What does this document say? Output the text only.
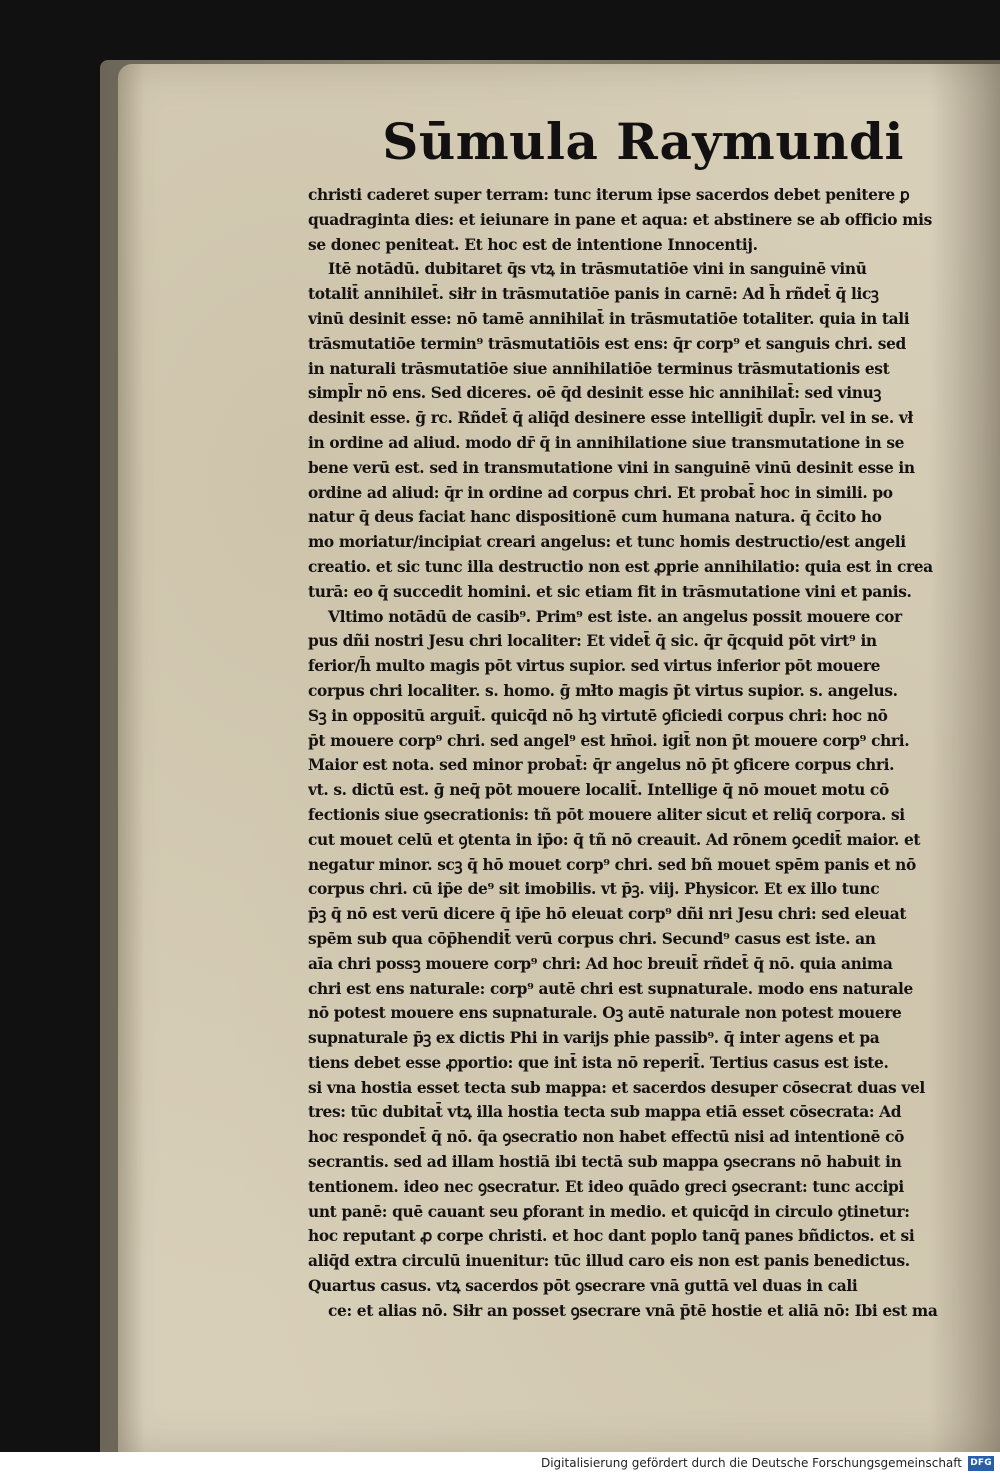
Sūmula Raymundi
christi caderet super terram: tunc iterum ipse sacerdos debet penitere ꝑ
quadraginta dies: et ieiunare in pane et aqua: et abstinere se ab officio mis
se donec peniteat. Et hoc est de intentione Innocentij.
Itē notādū. dubitaret q̄s vtꝝ in trāsmutatiōe vini in sanguinē vinū
totalit̄ annihilet̄. siłr in trāsmutatiōe panis in carnē: Ad h̄ rñdet̄ q̄ licꝫ
vinū desinit esse: nō tamē annihilat̄ in trāsmutatiōe totaliter. quia in tali
trāsmutatiōe termin⁹ trāsmutatiōis est ens: q̄r corp⁹ et sanguis chri. sed
in naturali trāsmutatiōe siue annihilatiōe terminus trāsmutationis est
simpl̄r nō ens. Sed diceres. oē q̄d desinit esse hic annihilat̄: sed vinuꝫ
desinit esse. ḡ rc. Rñdet̄ q̄ aliq̄d desinere esse intelligit̄ dupl̄r. vel in se. vł
in ordine ad aliud. modo dr̄ q̄ in annihilatione siue transmutatione in se
bene verū est. sed in transmutatione vini in sanguinē vinū desinit esse in
ordine ad aliud: q̄r in ordine ad corpus chri. Et probat̄ hoc in simili. po
natur q̄ deus faciat hanc dispositionē cum humana natura. q̄ c̄cito ho
mo moriatur/incipiat creari angelus: et tunc homis destructio/est angeli
creatio. et sic tunc illa destructio non est ꝓprie annihilatio: quia est in crea
turā: eo q̄ succedit homini. et sic etiam fit in trāsmutatione vini et panis.
Vltimo notādū de casib⁹. Prim⁹ est iste. an angelus possit mouere cor
pus dñi nostri Jesu chri localiter: Et videt̄ q̄ sic. q̄r q̄cquid pōt virt⁹ in
ferior/h̄ multo magis pōt virtus supior. sed virtus inferior pōt mouere
corpus chri localiter. s. homo. ḡ mł̄to magis p̄t virtus supior. s. angelus.
Sꝫ in oppositū arguit̄. quicq̄d nō hꝫ virtutē ꝯficiedi corpus chri: hoc nō
p̄t mouere corp⁹ chri. sed angel⁹ est hm̄oi. igit̄ non p̄t mouere corp⁹ chri.
Maior est nota. sed minor probat̄: q̄r angelus nō p̄t ꝯficere corpus chri.
vt. s. dictū est. ḡ neq̄ pōt mouere localit̄. Intellige q̄ nō mouet motu cō
fectionis siue ꝯsecrationis: tñ pōt mouere aliter sicut et reliq̄ corpora. si
cut mouet celū et ꝯtenta in ip̄o: q̄ tñ nō creauit. Ad rōnem ꝯcedit̄ maior. et
negatur minor. scꝫ q̄ hō mouet corp⁹ chri. sed bñ mouet spēm panis et nō
corpus chri. cū ip̄e de⁹ sit imobilis. vt p̄ꝫ. viij. Physicor. Et ex illo tunc
p̄ꝫ q̄ nō est verū dicere q̄ ip̄e hō eleuat corp⁹ dñi nri Jesu chri: sed eleuat
spēm sub qua cōp̄hendit̄ verū corpus chri. Secund⁹ casus est iste. an
aīa chri possꝫ mouere corp⁹ chri: Ad hoc breuit̄ rñdet̄ q̄ nō. quia anima
chri est ens naturale: corp⁹ autē chri est supnaturale. modo ens naturale
nō potest mouere ens supnaturale. Oꝫ autē naturale non potest mouere
supnaturale p̄ꝫ ex dictis Phi in varijs phie passib⁹. q̄ inter agens et pa
tiens debet esse ꝓportio: que int̄ ista nō reperit̄. Tertius casus est iste.
si vna hostia esset tecta sub mappa: et sacerdos desuper cōsecrat duas vel
tres: tūc dubitat̄ vtꝝ illa hostia tecta sub mappa etiā esset cōsecrata: Ad
hoc respondet̄ q̄ nō. q̄a ꝯsecratio non habet effectū nisi ad intentionē cō
secrantis. sed ad illam hostiā ibi tectā sub mappa ꝯsecrans nō habuit in
tentionem. ideo nec ꝯsecratur. Et ideo quādo greci ꝯsecrant: tunc accipi
unt panē: quē cauant seu ꝑforant in medio. et quicq̄d in circulo ꝯtinetur:
hoc reputant ꝓ corpe christi. et hoc dant poplo tanq̄ panes bñdictos. et si
aliq̄d extra circulū inuenitur: tūc illud caro eis non est panis benedictus.
Quartus casus. vtꝝ sacerdos pōt ꝯsecrare vnā guttā vel duas in cali
ce: et alias nō. Siłr an posset ꝯsecrare vnā p̄tē hostie et aliā nō: Ibi est ma
Digitalisierung gefördert durch die Deutsche Forschungsgemeinschaft DFG
